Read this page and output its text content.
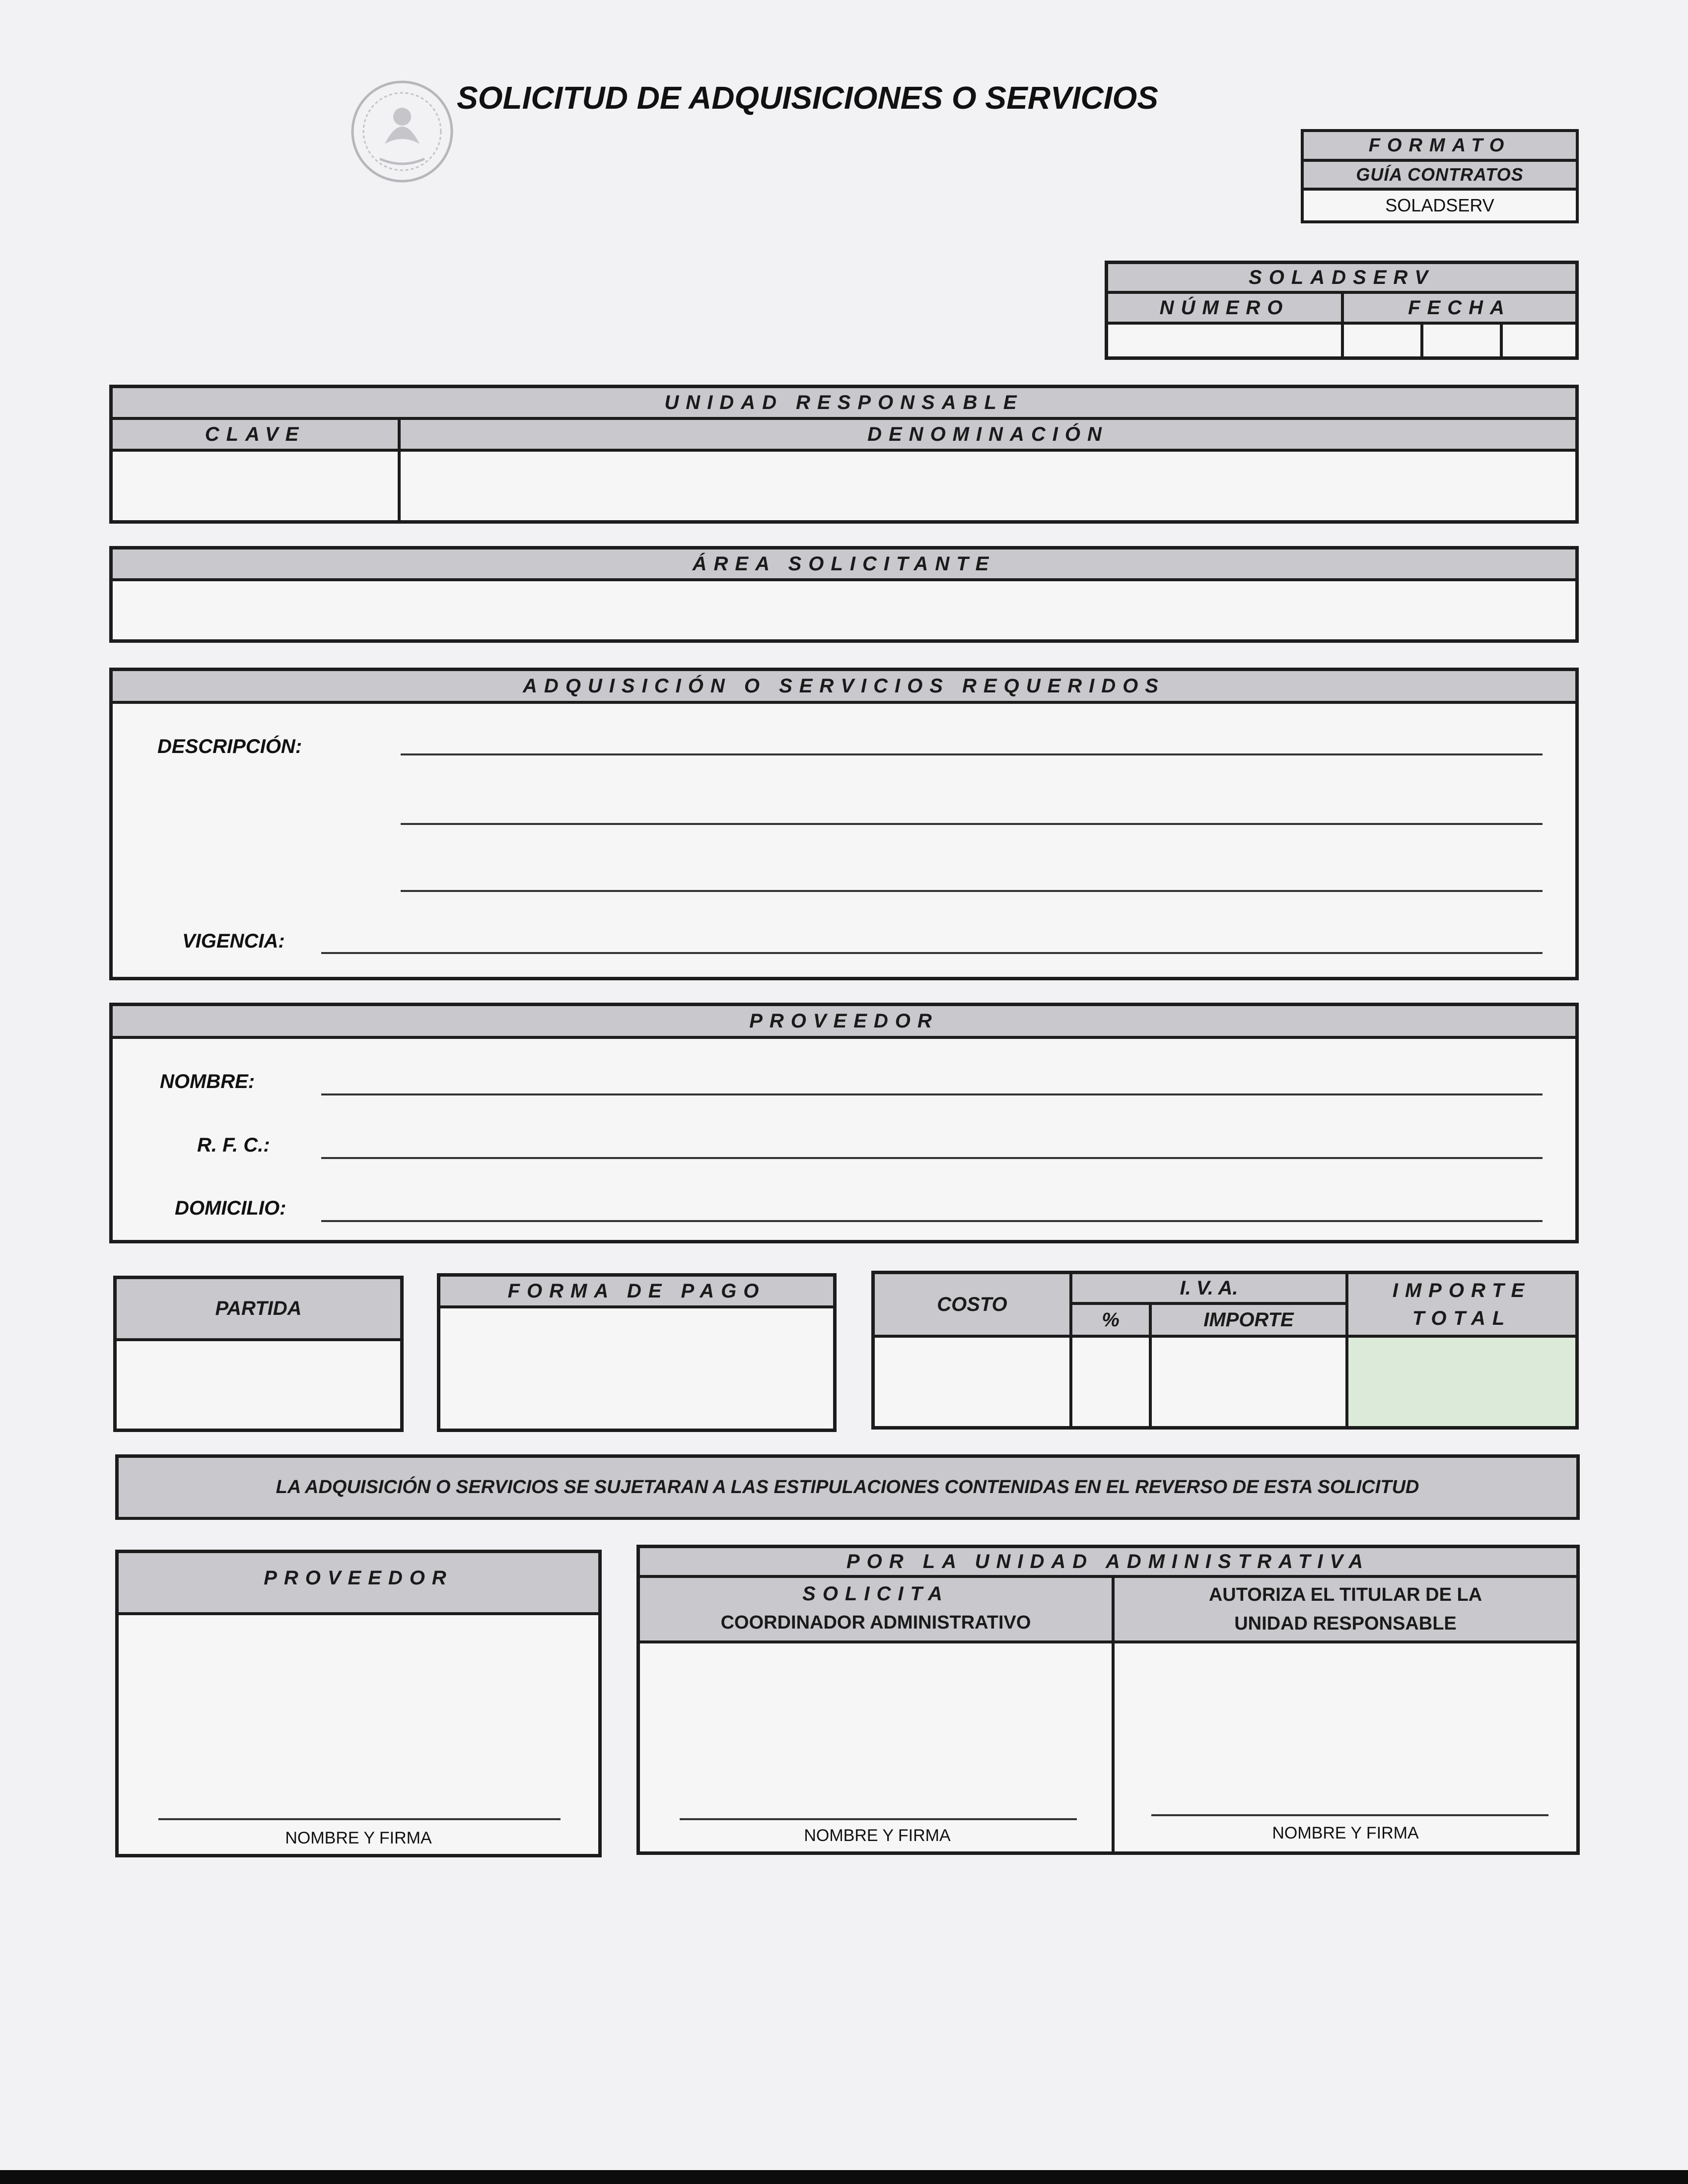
SOLICITUD DE ADQUISICIONES O SERVICIOS
FORMATO
GUÍA CONTRATOS
SOLADSERV
SOLADSERV
NÚMERO	FECHA
UNIDAD RESPONSABLE
CLAVE	DENOMINACIÓN
ÁREA SOLICITANTE
ADQUISICIÓN O SERVICIOS REQUERIDOS
DESCRIPCIÓN:
VIGENCIA:
PROVEEDOR
NOMBRE:
R. F. C.:
DOMICILIO:
PARTIDA
FORMA DE PAGO
COSTO
I. V. A.
%	IMPORTE
IMPORTE TOTAL
LA ADQUISICIÓN O SERVICIOS SE SUJETARAN A LAS ESTIPULACIONES CONTENIDAS EN EL REVERSO DE ESTA SOLICITUD
PROVEEDOR
NOMBRE Y FIRMA
POR LA UNIDAD ADMINISTRATIVA
SOLICITA
COORDINADOR ADMINISTRATIVO
AUTORIZA EL TITULAR DE LA UNIDAD RESPONSABLE
NOMBRE Y FIRMA	NOMBRE Y FIRMA
